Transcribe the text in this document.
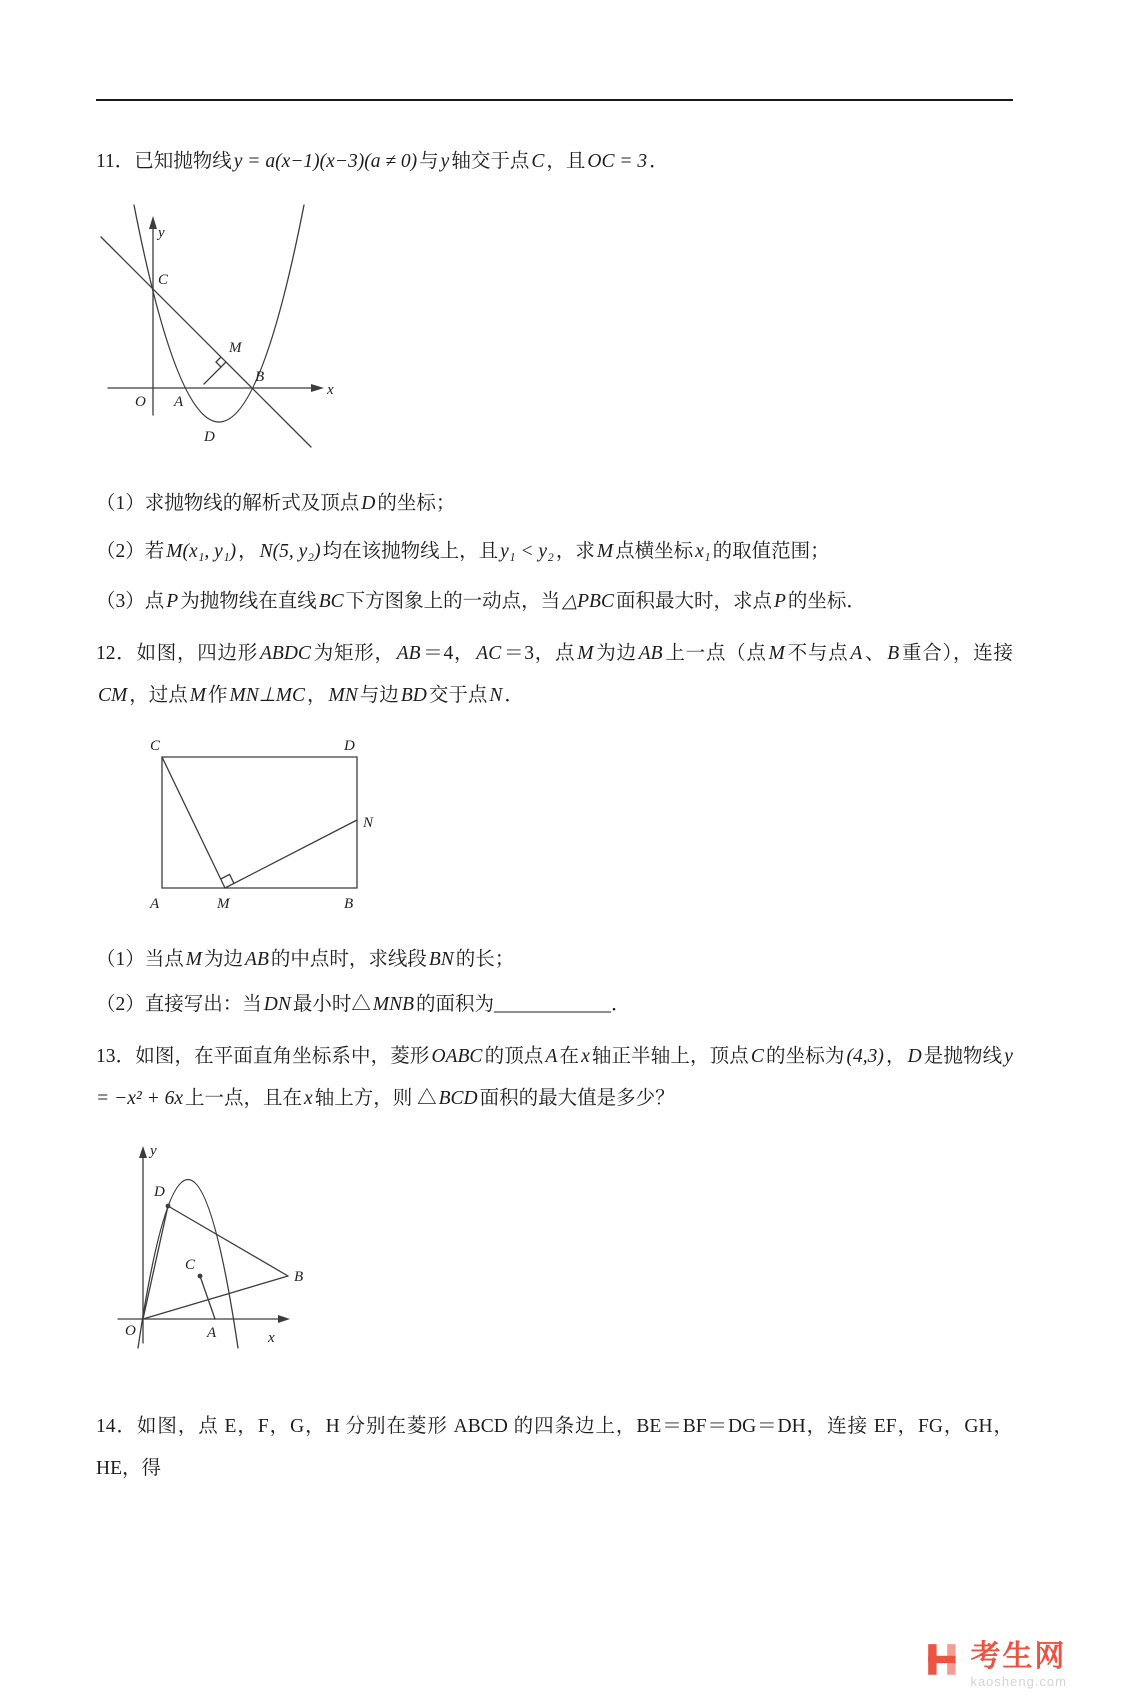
11．已知抛物线 y = a(x−1)(x−3)(a ≠ 0) 与 y 轴交于点 C ，且 OC = 3 ．

y
C
M
B
x
O A
D

（1）求抛物线的解析式及顶点 D 的坐标；

（2）若 M(x₁, y₁) ， N(5, y₂) 均在该抛物线上，且 y₁ < y₂ ，求 M 点横坐标 x₁ 的取值范围；

（3）点 P 为抛物线在直线 BC 下方图象上的一动点，当 △PBC 面积最大时，求点 P 的坐标．

12．如图，四边形 ABDC 为矩形， AB ＝4， AC ＝3，点 M 为边 AB 上一点（点 M 不与点 A 、 B 重合），连接CM ，过点 M 作 MN⊥MC ， MN 与边 BD 交于点 N ．

C	D
N
A	M	B

（1）当点 M 为边 AB 的中点时，求线段 BN 的长；

（2）直接写出：当 DN 最小时△ MNB 的面积为____________．

13．如图，在平面直角坐标系中，菱形 OABC 的顶点 A 在 x 轴正半轴上，顶点 C 的坐标为 (4,3) ， D 是抛物线 y = −x² + 6x 上一点，且在 x 轴上方，则 △ BCD 面积的最大值是多少？

y
D
C
B
O	A	x

14．如图，点 E，F，G，H 分别在菱形 ABCD 的四条边上，BE＝BF＝DG＝DH，连接 EF，FG，GH，HE，得

考生网
kaosheng.com
